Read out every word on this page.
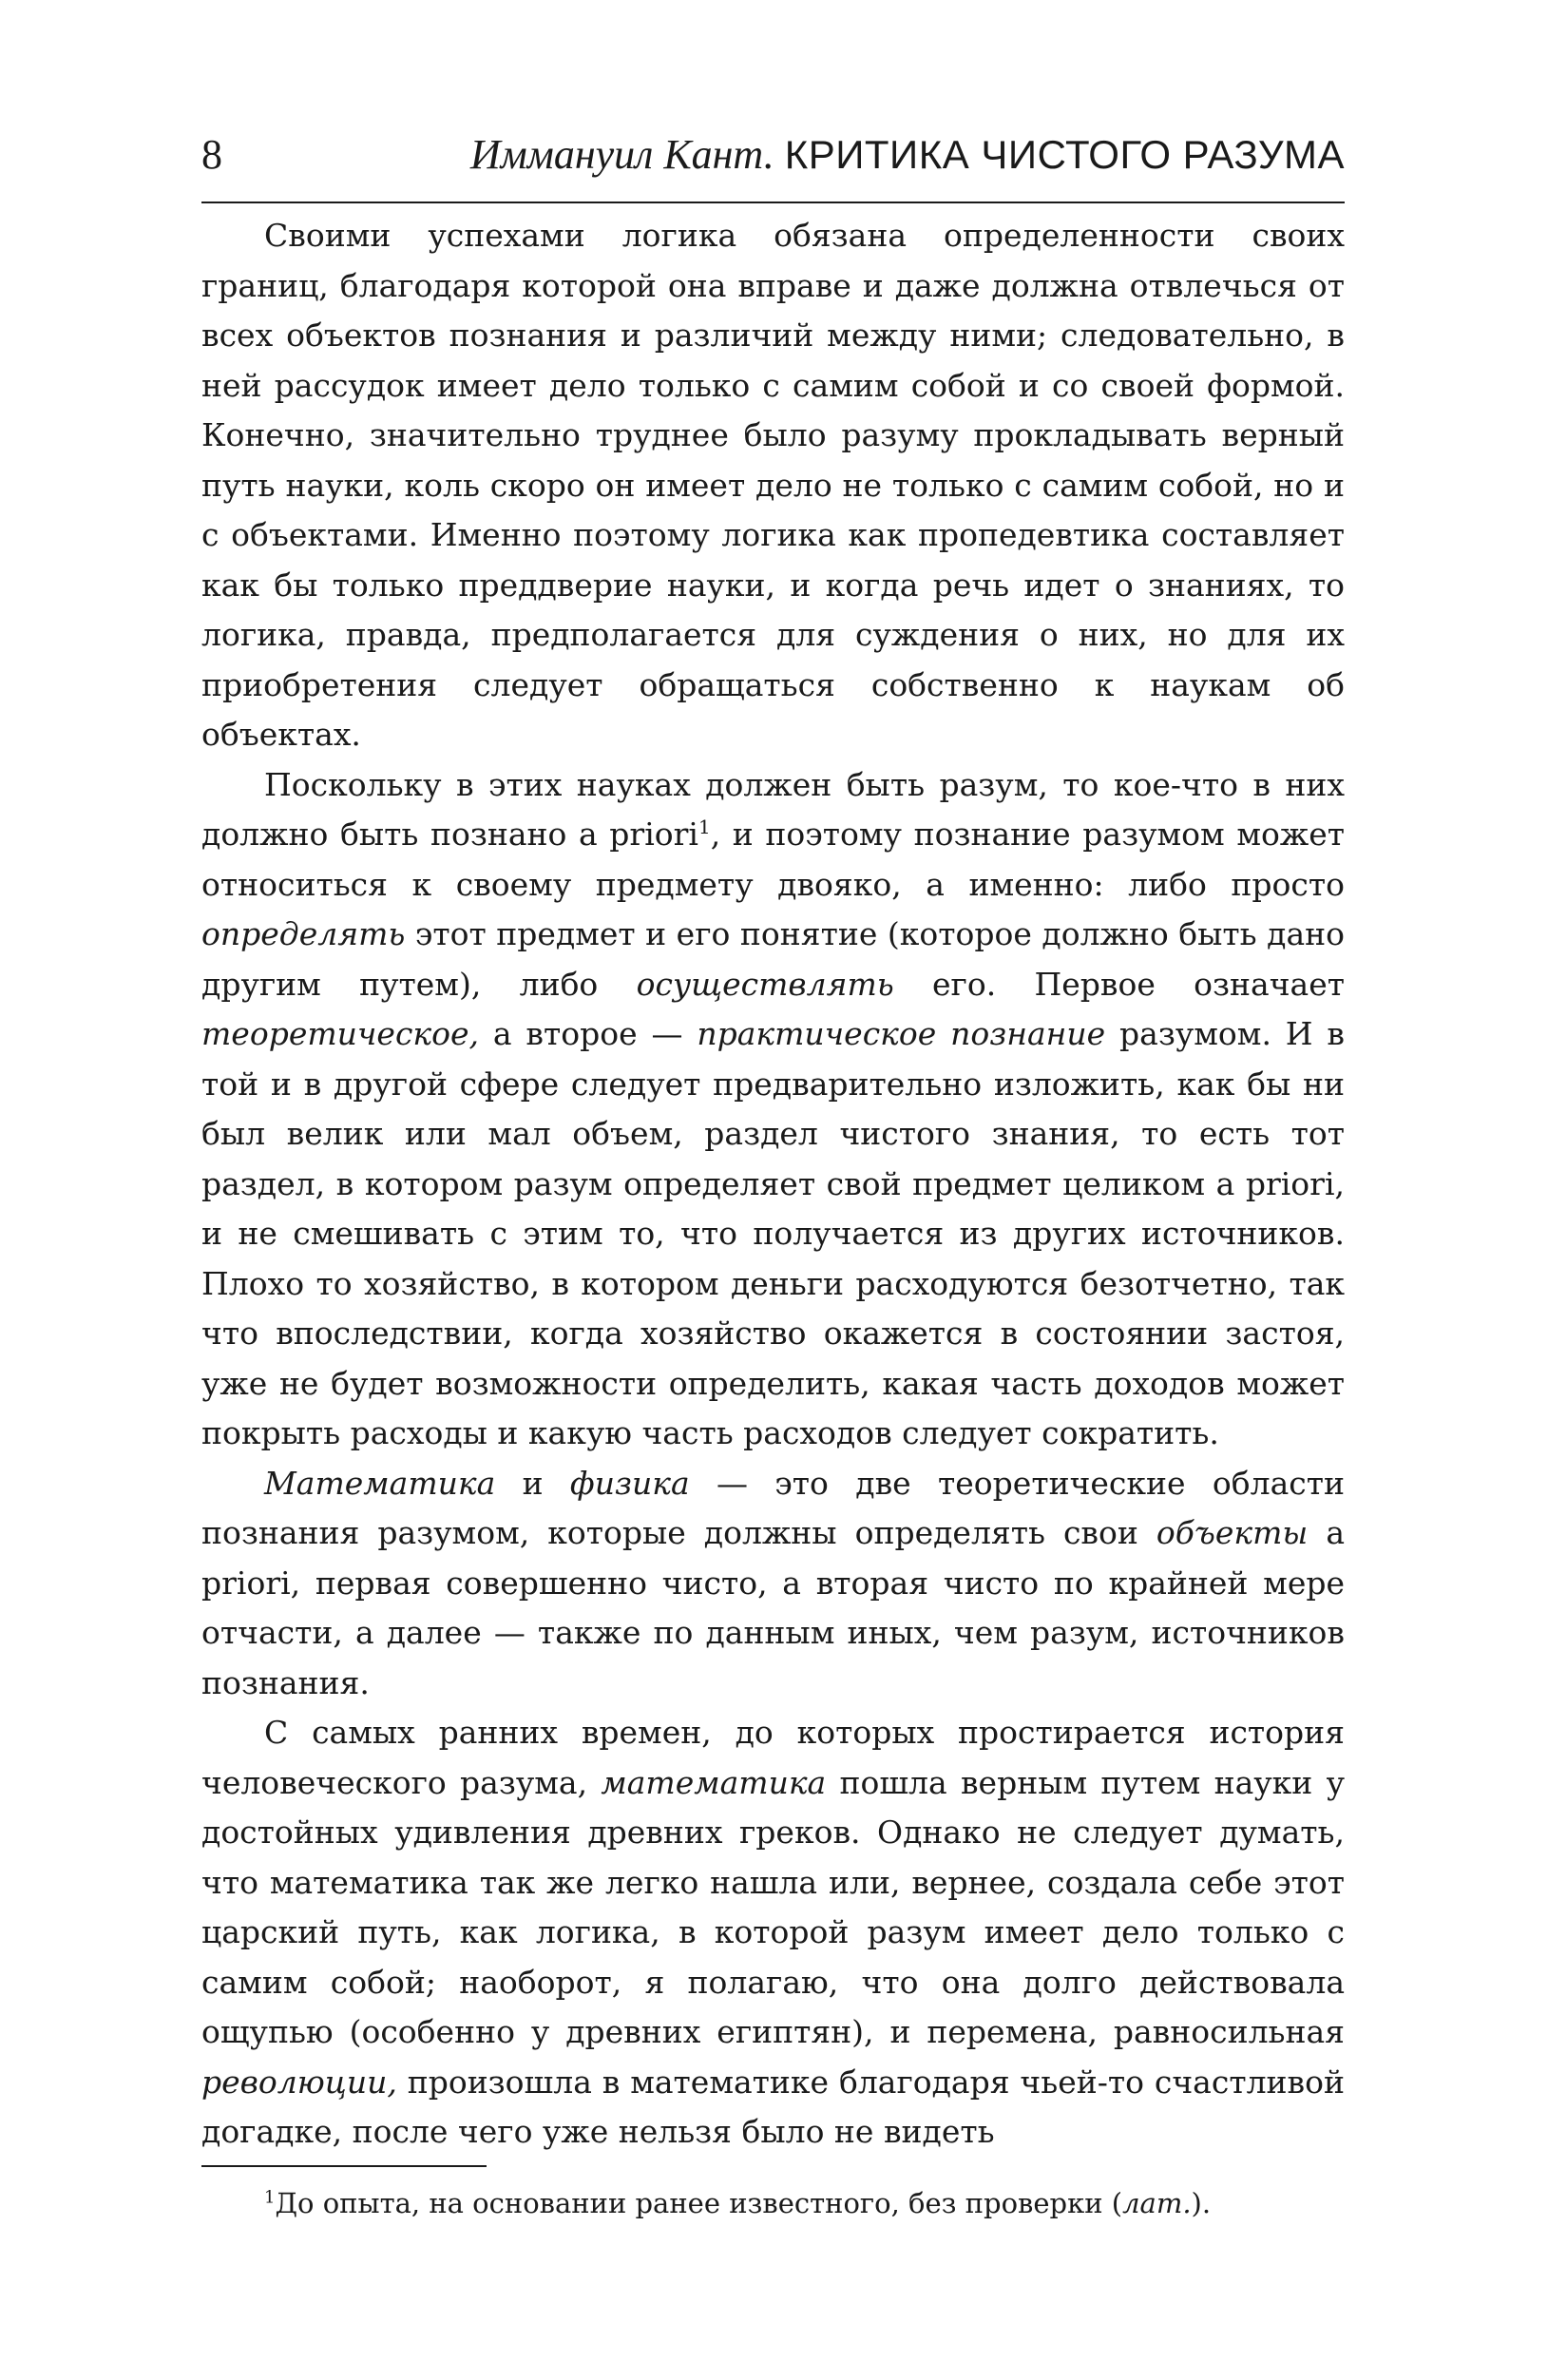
8	Иммануил Кант. КРИТИКА ЧИСТОГО РАЗУМА

Своими успехами логика обязана определенности своих границ, благодаря которой она вправе и даже должна отвлечься от всех объектов познания и различий между ними; следовательно, в ней рассудок имеет дело только с самим собой и со своей формой. Конечно, значительно труднее было разуму прокладывать верный путь науки, коль скоро он имеет дело не только с самим собой, но и с объектами. Именно поэтому логика как пропедевтика составляет как бы только преддверие науки, и когда речь идет о знаниях, то логика, правда, предполагается для суждения о них, но для их приобретения следует обращаться собственно к наукам об объектах.

Поскольку в этих науках должен быть разум, то кое-что в них должно быть познано a priori$^1$, и поэтому познание разумом может относиться к своему предмету двояко, а именно: либо просто определять этот предмет и его понятие (которое должно быть дано другим путем), либо осуществлять его. Первое означает теоретическое, а второе — практическое познание разумом. И в той и в другой сфере следует предварительно изложить, как бы ни был велик или мал объем, раздел чистого знания, то есть тот раздел, в котором разум определяет свой предмет целиком a priori, и не смешивать с этим то, что получается из других источников. Плохо то хозяйство, в котором деньги расходуются безотчетно, так что впоследствии, когда хозяйство окажется в состоянии застоя, уже не будет возможности определить, какая часть доходов может покрыть расходы и какую часть расходов следует сократить.

Математика и физика — это две теоретические области познания разумом, которые должны определять свои объекты a priori, первая совершенно чисто, а вторая чисто по крайней мере отчасти, а далее — также по данным иных, чем разум, источников познания.

С самых ранних времен, до которых простирается история человеческого разума, математика пошла верным путем науки у достойных удивления древних греков. Однако не следует думать, что математика так же легко нашла или, вернее, создала себе этот царский путь, как логика, в которой разум имеет дело только с самим собой; наоборот, я полагаю, что она долго действовала ощупью (особенно у древних египтян), и перемена, равносильная революции, произошла в математике благодаря чьей-то счастливой догадке, после чего уже нельзя было не видеть

$^1$До опыта, на основании ранее известного, без проверки (лат.).
